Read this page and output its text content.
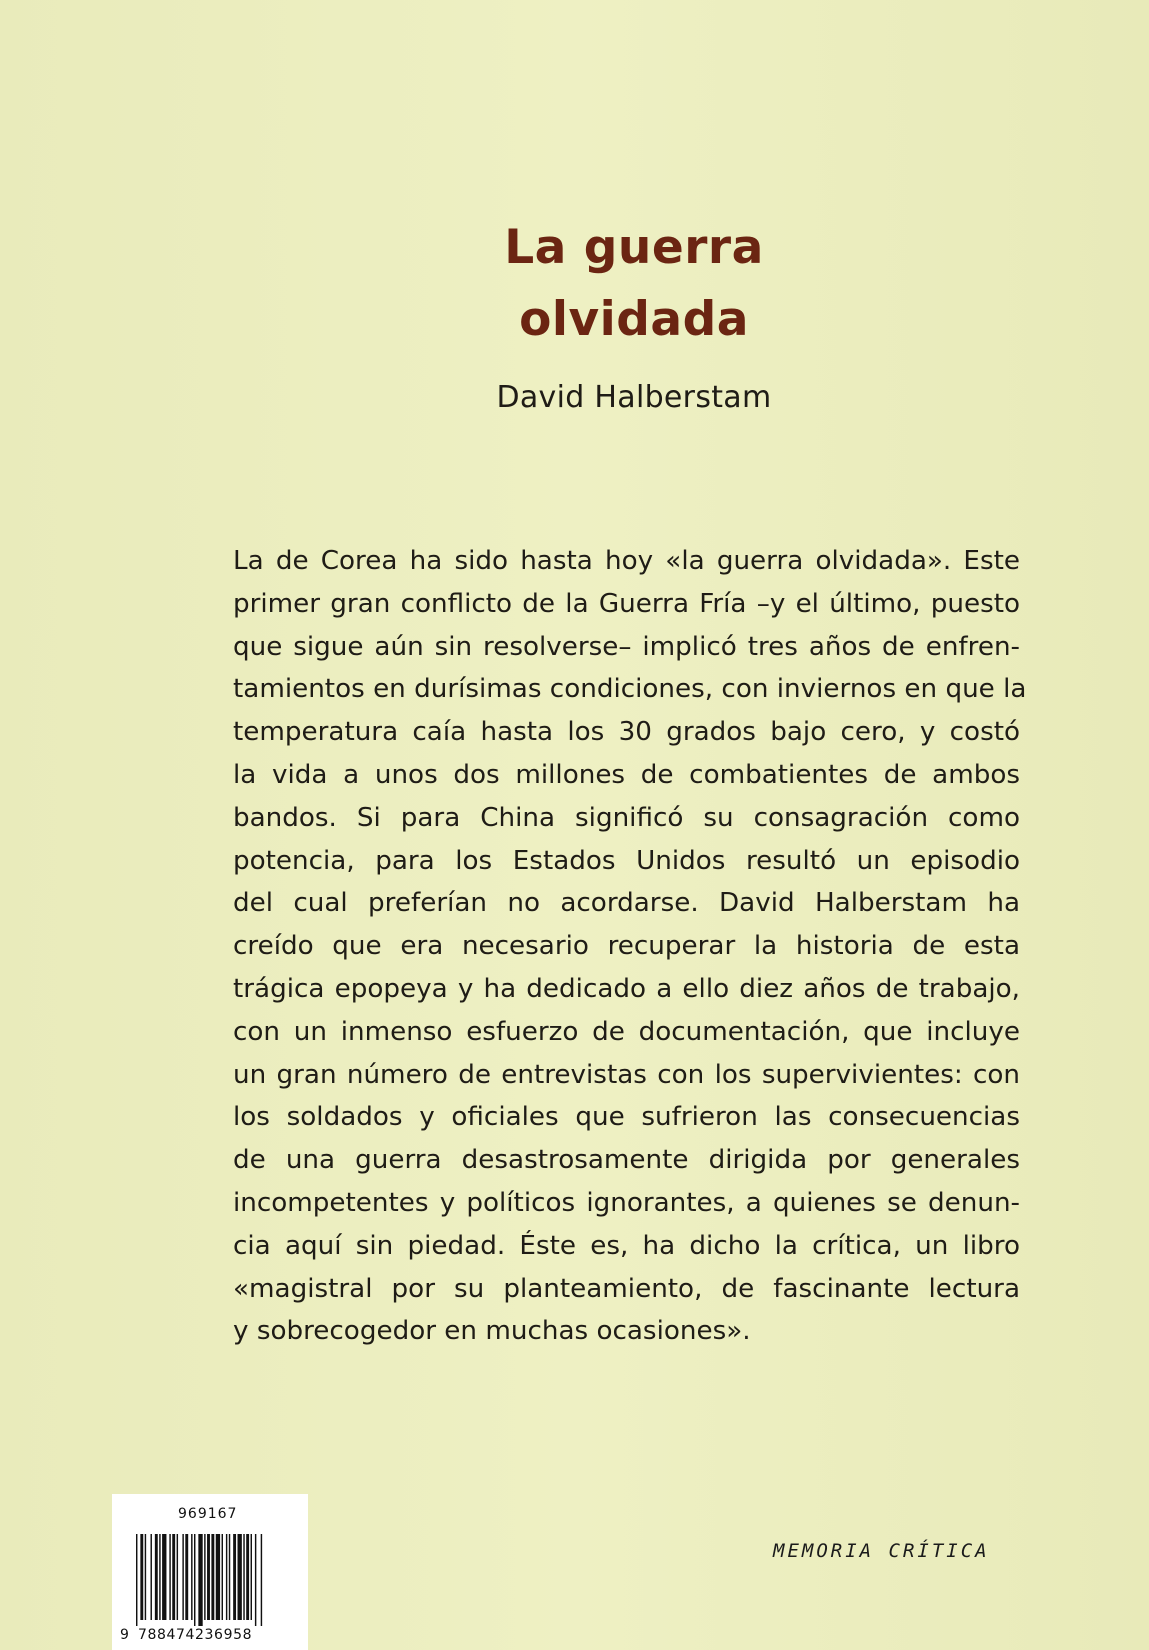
La guerra
olvidada
David Halberstam
La de Corea ha sido hasta hoy «la guerra olvidada». Este
primer gran conflicto de la Guerra Fría –y el último, puesto
que sigue aún sin resolverse– implicó tres años de enfren-
tamientos en durísimas condiciones, con inviernos en que la
temperatura caía hasta los 30 grados bajo cero, y costó
la vida a unos dos millones de combatientes de ambos
bandos. Si para China significó su consagración como
potencia, para los Estados Unidos resultó un episodio
del cual preferían no acordarse. David Halberstam ha
creído que era necesario recuperar la historia de esta
trágica epopeya y ha dedicado a ello diez años de trabajo,
con un inmenso esfuerzo de documentación, que incluye
un gran número de entrevistas con los supervivientes: con
los soldados y oficiales que sufrieron las consecuencias
de una guerra desastrosamente dirigida por generales
incompetentes y políticos ignorantes, a quienes se denun-
cia aquí sin piedad. Éste es, ha dicho la crítica, un libro
«magistral por su planteamiento, de fascinante lectura
y sobrecogedor en muchas ocasiones».
969167
9 788474236958
MEMORIA CRÍTICA
